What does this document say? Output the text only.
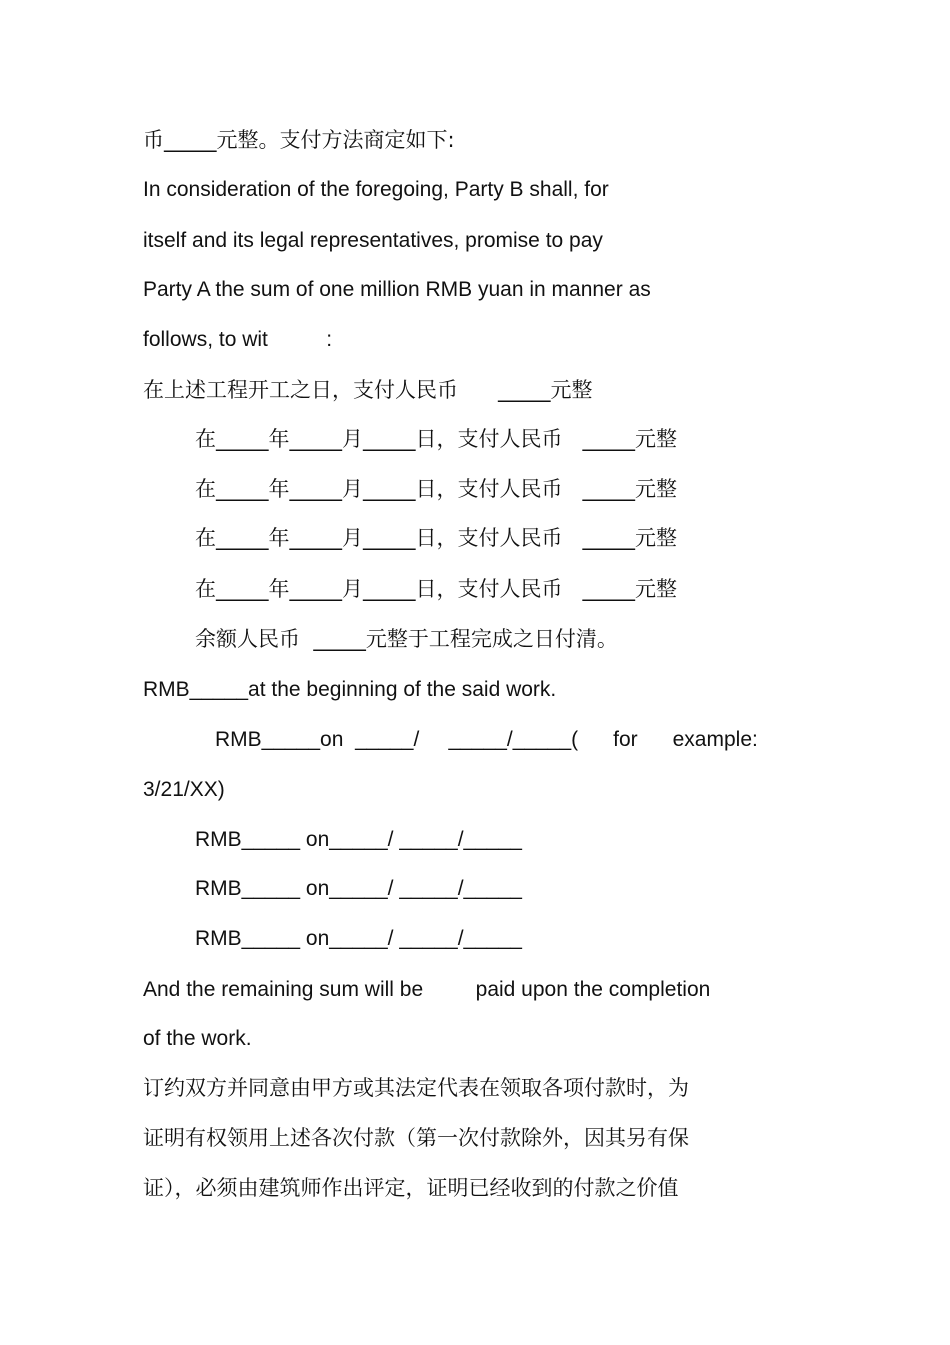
币_____元整。支付方法商定如下:
In consideration of the foregoing, Party B shall, for
itself and its legal representatives, promise to pay
Party A the sum of one million RMB yuan in manner as
follows, to wit          :
在上述工程开工之日，支付人民币      _____元整
在_____年_____月_____日，支付人民币   _____元整
在_____年_____月_____日，支付人民币   _____元整
在_____年_____月_____日，支付人民币   _____元整
在_____年_____月_____日，支付人民币   _____元整
余额人民币  _____元整于工程完成之日付清。
RMB_____at the beginning of the said work.
RMB_____on  _____/     _____/_____(      for      example:
3/21/XX)
RMB_____ on_____/ _____/_____
RMB_____ on_____/ _____/_____
RMB_____ on_____/ _____/_____
And the remaining sum will be         paid upon the completion
of the work.
订约双方并同意由甲方或其法定代表在领取各项付款时，为
证明有权领用上述各次付款（第一次付款除外，因其另有保
证），必须由建筑师作出评定，证明已经收到的付款之价值
